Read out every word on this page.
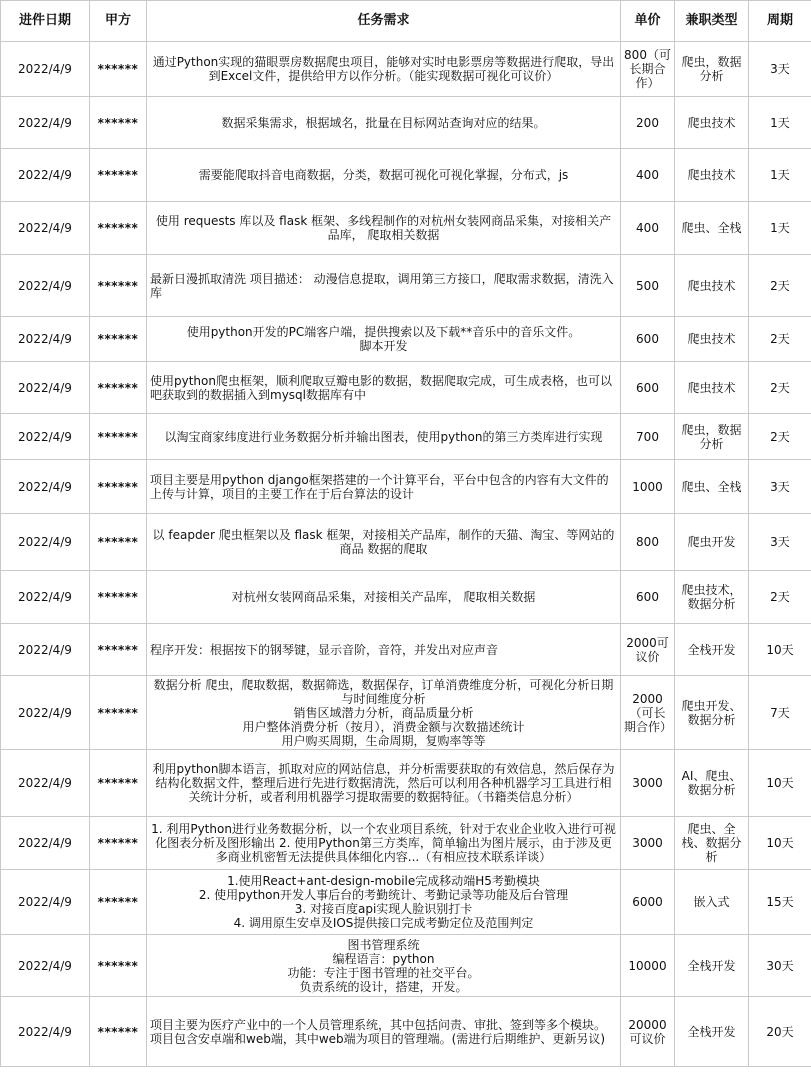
进件日期	甲方	任务需求	单价	兼职类型	周期
2022/4/9	******	通过Python实现的猫眼票房数据爬虫项目，能够对实时电影票房等数据进行爬取，导出到Excel文件，提供给甲方以作分析。（能实现数据可视化可议价）	800（可长期合作）	爬虫，数据分析	3天
2022/4/9	******	数据采集需求，根据域名，批量在目标网站查询对应的结果。	200	爬虫技术	1天
2022/4/9	******	需要能爬取抖音电商数据，分类，数据可视化可视化掌握，分布式，js	400	爬虫技术	1天
2022/4/9	******	使用 requests 库以及 flask 框架、多线程制作的对杭州女装网商品采集，对接相关产品库， 爬取相关数据	400	爬虫、全栈	1天
2022/4/9	******	最新日漫抓取清洗 项目描述： 动漫信息提取，调用第三方接口，爬取需求数据，清洗入库	500	爬虫技术	2天
2022/4/9	******	使用python开发的PC端客户端，提供搜索以及下载**音乐中的音乐文件。
脚本开发	600	爬虫技术	2天
2022/4/9	******	使用python爬虫框架，顺利爬取豆瓣电影的数据，数据爬取完成，可生成表格，也可以吧获取到的数据插入到mysql数据库有中	600	爬虫技术	2天
2022/4/9	******	以淘宝商家纬度进行业务数据分析并输出图表，使用python的第三方类库进行实现	700	爬虫，数据分析	2天
2022/4/9	******	项目主要是用python django框架搭建的一个计算平台，平台中包含的内容有大文件的上传与计算，项目的主要工作在于后台算法的设计	1000	爬虫、全栈	3天
2022/4/9	******	以 feapder 爬虫框架以及 flask 框架，对接相关产品库，制作的天猫、淘宝、等网站的商品 数据的爬取	800	爬虫开发	3天
2022/4/9	******	对杭州女装网商品采集，对接相关产品库， 爬取相关数据	600	爬虫技术，数据分析	2天
2022/4/9	******	程序开发：根据按下的钢琴键，显示音阶，音符，并发出对应声音	2000可议价	全栈开发	10天
2022/4/9	******	数据分析 爬虫，爬取数据，数据筛选，数据保存，订单消费维度分析，可视化分析日期与时间维度分析
销售区域潜力分析，商品质量分析
用户整体消费分析（按月），消费金额与次数描述统计
用户购买周期，生命周期，复购率等等	2000（可长期合作）	爬虫开发、数据分析	7天
2022/4/9	******	利用python脚本语言，抓取对应的网站信息，并分析需要获取的有效信息，然后保存为结构化数据文件，整理后进行先进行数据清洗，然后可以利用各种机器学习工具进行相关统计分析，或者利用机器学习提取需要的数据特征。（书籍类信息分析）	3000	AI、爬虫、数据分析	10天
2022/4/9	******	1. 利用Python进行业务数据分析，以一个农业项目系统，针对于农业企业收入进行可视化图表分析及图形输出 2. 使用Python第三方类库，简单输出为图片展示，由于涉及更多商业机密暂无法提供具体细化内容...（有相应技术联系详谈）	3000	爬虫、全栈、数据分析	10天
2022/4/9	******	1.使用React+ant-design-mobile完成移动端H5考勤模块
2. 使用python开发人事后台的考勤统计、考勤记录等功能及后台管理
3. 对接百度api实现人脸识别打卡
4. 调用原生安卓及IOS提供接口完成考勤定位及范围判定	6000	嵌入式	15天
2022/4/9	******	图书管理系统
编程语言：python
功能：专注于图书管理的社交平台。
负责系统的设计，搭建，开发。	10000	全栈开发	30天
2022/4/9	******	项目主要为医疗产业中的一个人员管理系统，其中包括问责、审批、签到等多个模块。项目包含安卓端和web端，其中web端为项目的管理端。(需进行后期维护、更新另议)	20000可议价	全栈开发	20天
